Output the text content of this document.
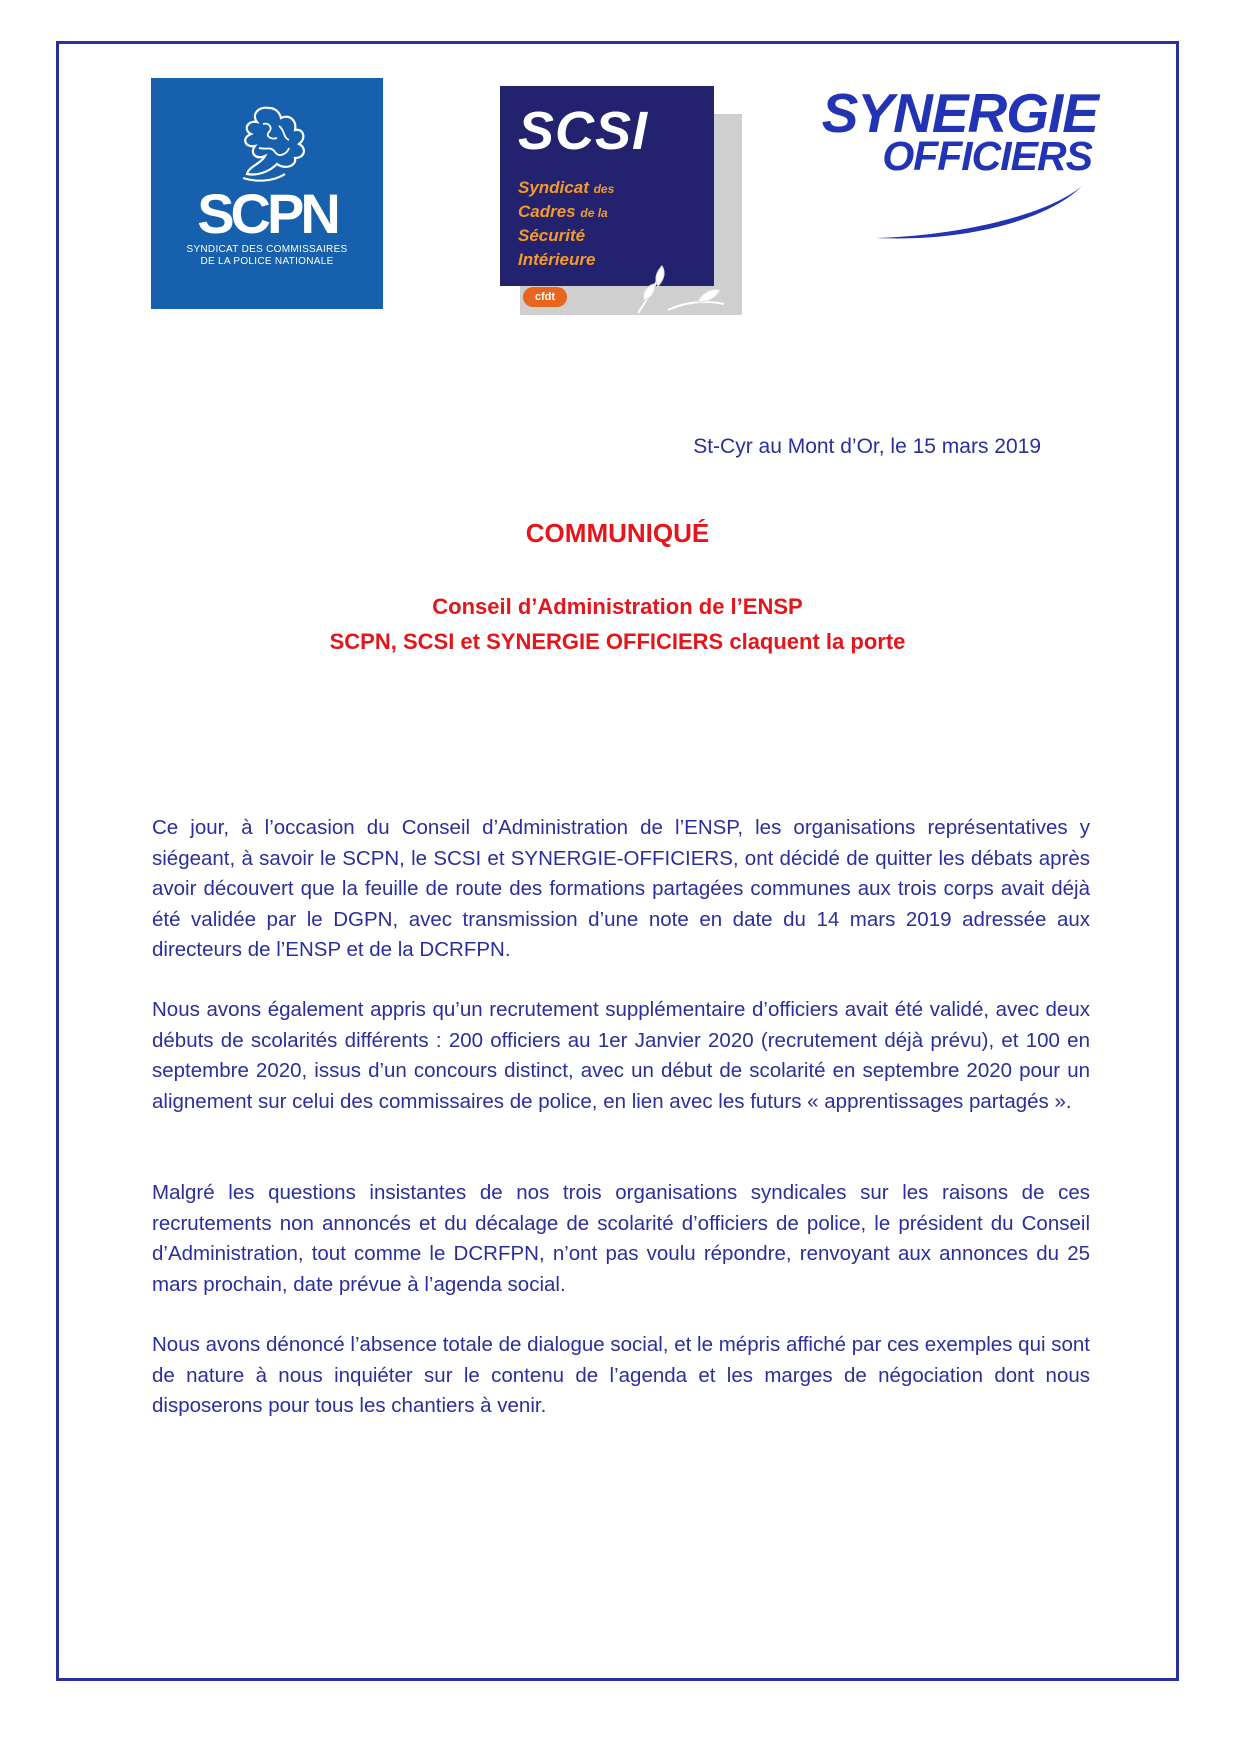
SCPN
SYNDICAT DES COMMISSAIRES
DE LA POLICE NATIONALE
SCSI
Syndicat des
Cadres de la
Sécurité
Intérieure
cfdt
SYNERGIE
OFFICIERS
St-Cyr au Mont d’Or, le 15 mars 2019
COMMUNIQUÉ
Conseil d’Administration de l’ENSP
SCPN, SCSI et SYNERGIE OFFICIERS claquent la porte

Ce jour, à l’occasion du Conseil d’Administration de l’ENSP, les organisations représentatives y siégeant, à savoir le SCPN, le SCSI et SYNERGIE-OFFICIERS, ont décidé de quitter les débats après avoir découvert que la feuille de route des formations partagées communes aux trois corps avait déjà été validée par le DGPN, avec transmission d’une note en date du 14 mars 2019 adressée aux directeurs de l’ENSP et de la DCRFPN.

Nous avons également appris qu’un recrutement supplémentaire d’officiers avait été validé, avec deux débuts de scolarités différents : 200 officiers au 1er Janvier 2020 (recrutement déjà prévu), et 100 en septembre 2020, issus d’un concours distinct, avec un début de scolarité en septembre 2020 pour un alignement sur celui des commissaires de police, en lien avec les futurs « apprentissages partagés ».

Malgré les questions insistantes de nos trois organisations syndicales sur les raisons de ces recrutements non annoncés et du décalage de scolarité d’officiers de police, le président du Conseil d’Administration, tout comme le DCRFPN, n’ont pas voulu répondre, renvoyant aux annonces du 25 mars prochain, date prévue à l’agenda social.

Nous avons dénoncé l’absence totale de dialogue social, et le mépris affiché par ces exemples qui sont de nature à nous inquiéter sur le contenu de l’agenda et les marges de négociation dont nous disposerons pour tous les chantiers à venir.
